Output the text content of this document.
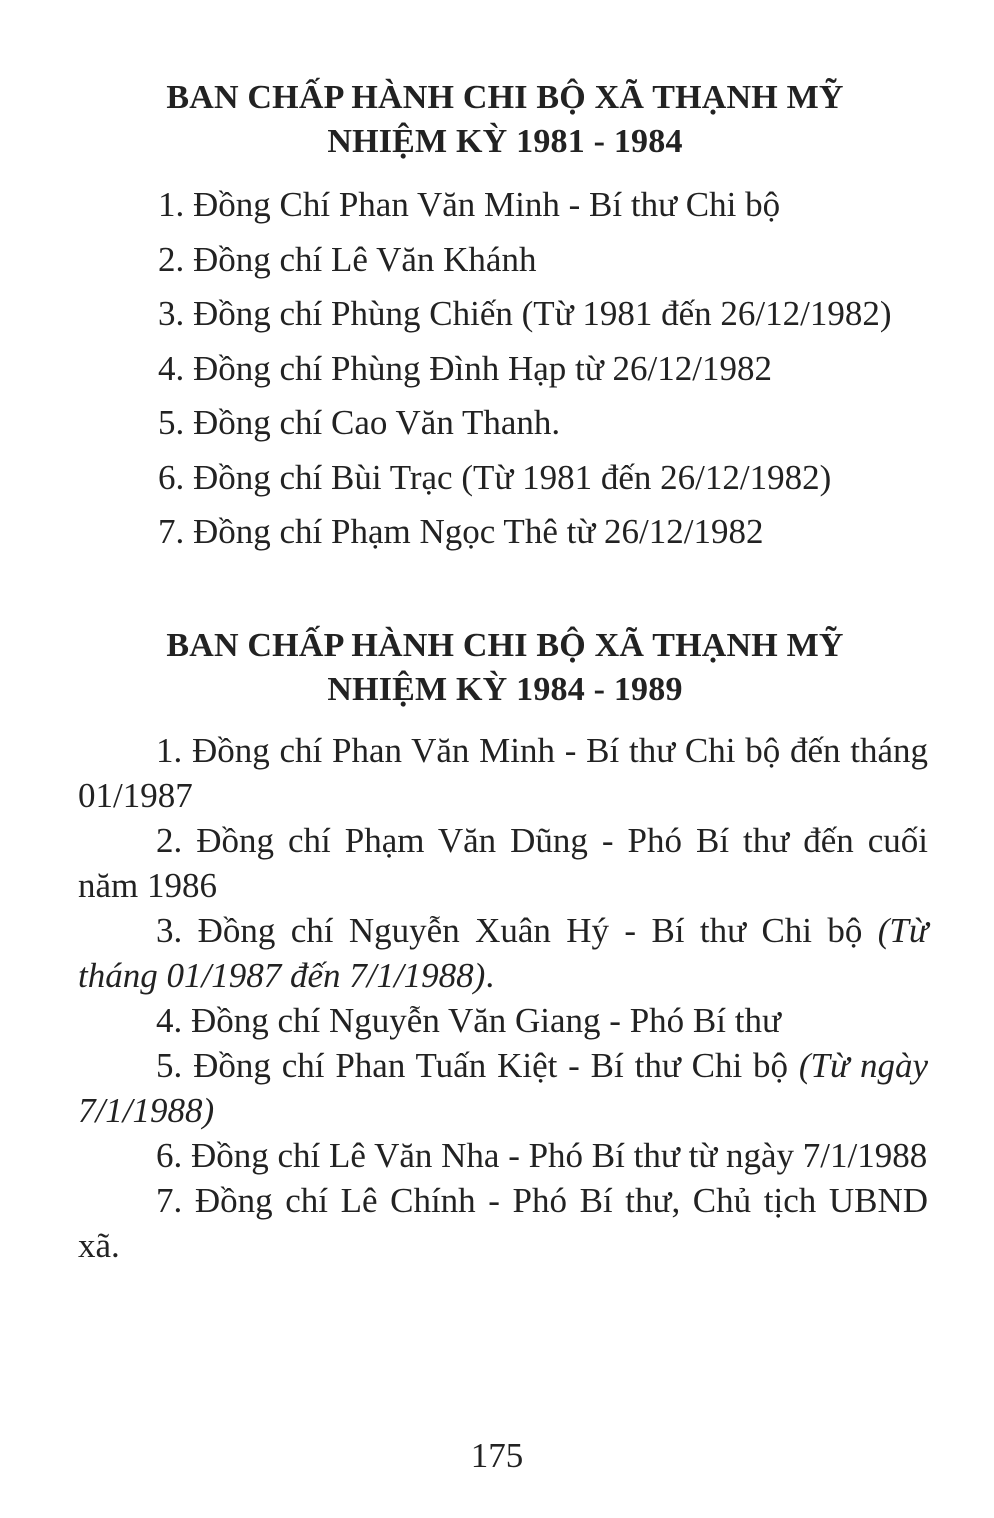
BAN CHẤP HÀNH CHI BỘ XÃ THẠNH MỸ
NHIỆM KỲ 1981 - 1984
1. Đồng Chí Phan Văn Minh - Bí thư Chi bộ
2. Đồng chí Lê Văn Khánh
3. Đồng chí Phùng Chiến (Từ 1981 đến 26/12/1982)
4. Đồng chí Phùng Đình Hạp từ 26/12/1982
5. Đồng chí Cao Văn Thanh.
6. Đồng chí Bùi Trạc (Từ 1981 đến 26/12/1982)
7. Đồng chí Phạm Ngọc Thê từ 26/12/1982
BAN CHẤP HÀNH CHI BỘ XÃ THẠNH MỸ
NHIỆM KỲ 1984 - 1989
1. Đồng chí Phan Văn Minh - Bí thư Chi bộ đến tháng 01/1987
2. Đồng chí Phạm Văn Dũng - Phó Bí thư đến cuối năm 1986
3. Đồng chí Nguyễn Xuân Hý - Bí thư Chi bộ (Từ tháng 01/1987 đến 7/1/1988).
4. Đồng chí Nguyễn Văn Giang - Phó Bí thư
5. Đồng chí Phan Tuấn Kiệt - Bí thư Chi bộ (Từ ngày 7/1/1988)
6. Đồng chí Lê Văn Nha - Phó Bí thư từ ngày 7/1/1988
7. Đồng chí Lê Chính - Phó Bí thư, Chủ tịch UBND xã.
175
